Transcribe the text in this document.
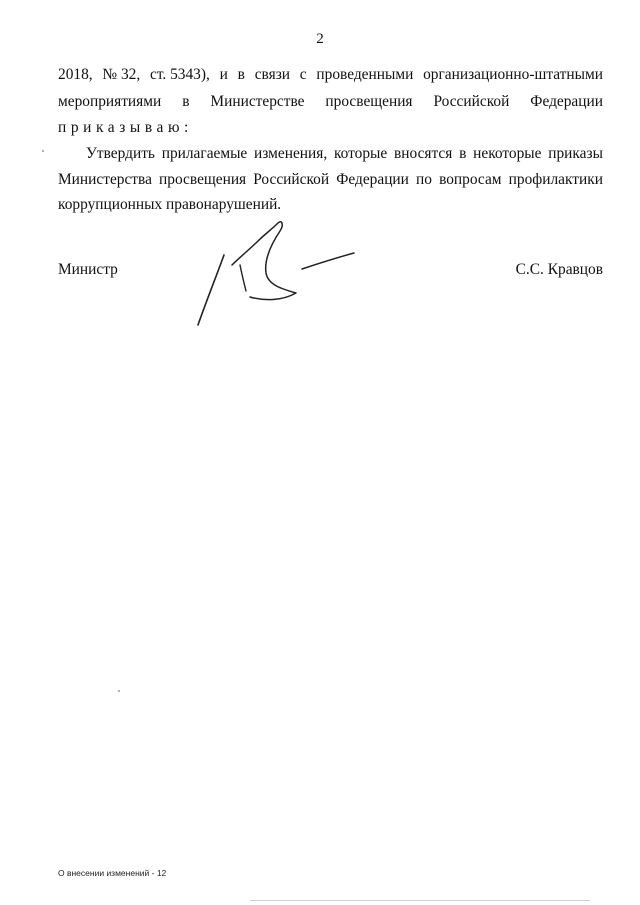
2
2018, № 32, ст. 5343), и в связи с проведенными организационно-штатными
мероприятиями в Министерстве просвещения Российской Федерации
приказываю:
Утвердить прилагаемые изменения, которые вносятся в некоторые приказы
Министерства просвещения Российской Федерации по вопросам профилактики
коррупционных правонарушений.
Министр	С.С. Кравцов
О внесении изменений - 12
